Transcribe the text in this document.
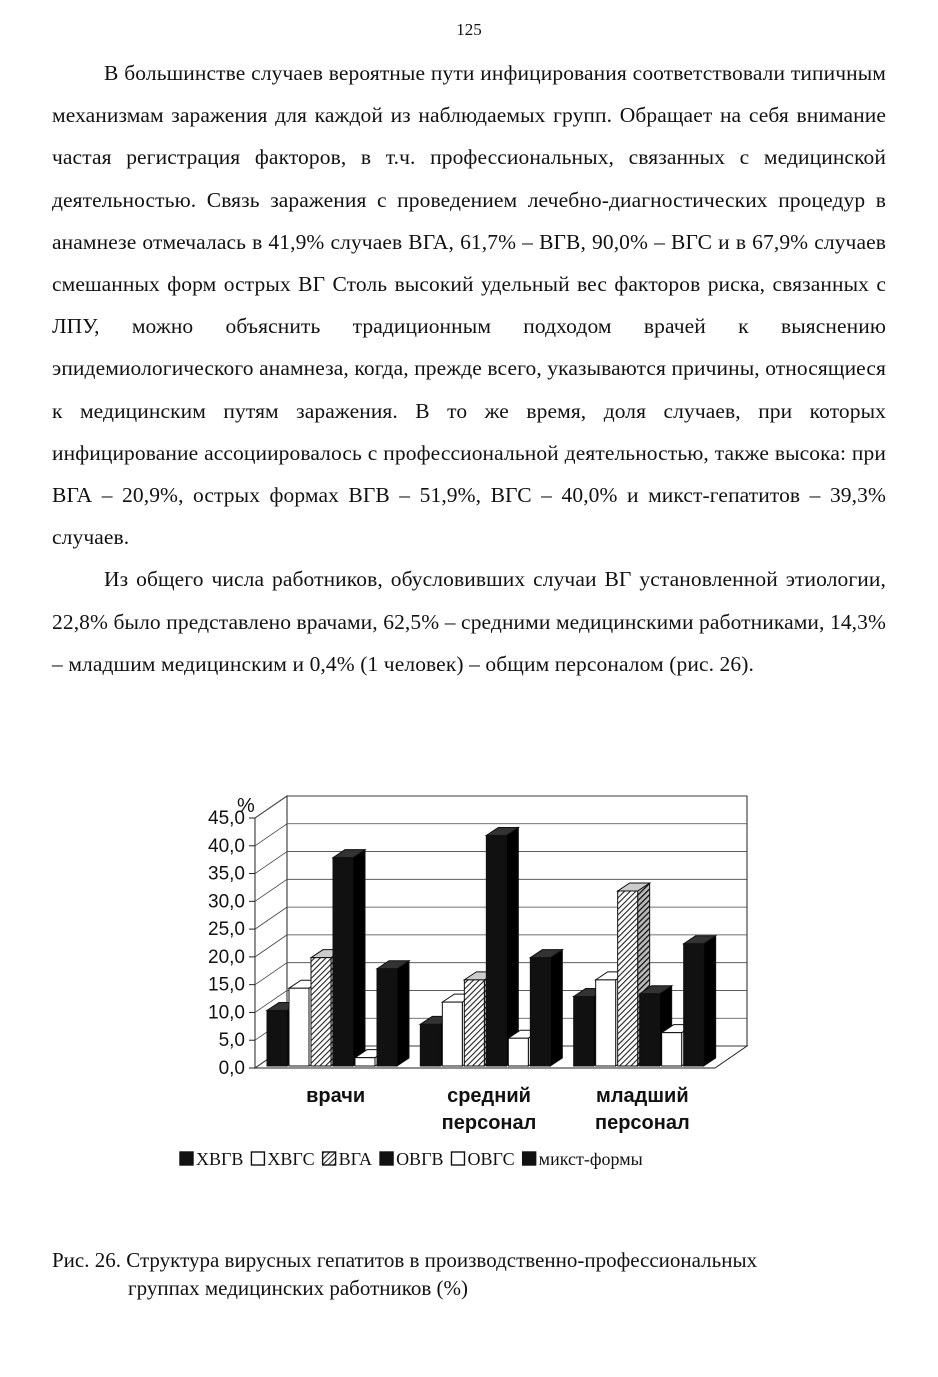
125

В большинстве случаев вероятные пути инфицирования соответствовали типичным механизмам заражения для каждой из наблюдаемых групп. Обращает на себя внимание частая регистрация факторов, в т.ч. профессиональных, связанных с медицинской деятельностью. Связь заражения с проведением лечебно-диагностических процедур в анамнезе отмечалась в 41,9% случаев ВГА, 61,7% – ВГВ, 90,0% – ВГС и в 67,9% случаев смешанных форм острых ВГ Столь высокий удельный вес факторов риска, связанных с ЛПУ, можно объяснить традиционным подходом врачей к выяснению эпидемиологического анамнеза, когда, прежде всего, указываются причины, относящиеся к медицинским путям заражения. В то же время, доля случаев, при которых инфицирование ассоциировалось с профессиональной деятельностью, также высока: при ВГА – 20,9%, острых формах ВГВ – 51,9%, ВГС – 40,0% и микст-гепатитов – 39,3% случаев.

Из общего числа работников, обусловивших случаи ВГ установленной этиологии, 22,8% было представлено врачами, 62,5% – средними медицинскими работниками, 14,3% – младшим медицинским и 0,4% (1 человек) – общим персоналом (рис. 26).

45,0
40,0
35,0
30,0
25,0
20,0
15,0
10,0
5,0
0,0
%
врачи	средний
персонал
младший
персонал
ХВГВ ХВГС ВГА ОВГВ ОВГС микст-формы
Рис. 26. Структура вирусных гепатитов в производственно-профессиональных
группах медицинских работников (%)
